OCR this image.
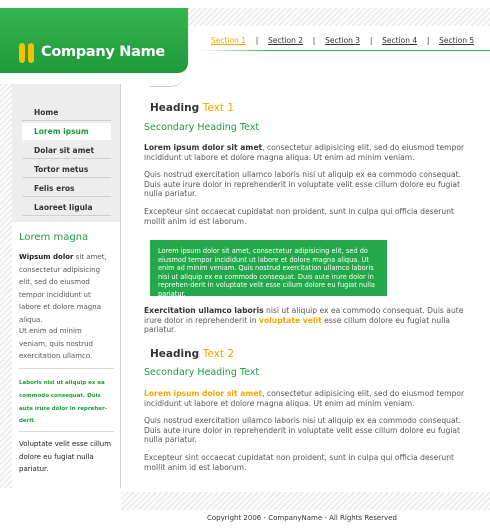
Company Name
Section 1 | Section 2 | Section 3 | Section 4 | Section 5
Home
Lorem ipsum
Dolar sit amet
Tortor metus
Felis eros
Laoreet ligula
Lorem magna
Wipsum dolor sit amet, consectetur adipisicing elit, sed do eiusmod tempor incididunt ut labore et dolore magna aliqua.
Ut enim ad minim veniam, quis nostrud exercitation ullamco.
Laboris nisi ut aliquip ex ea commodo consequat. Duis aute irure dolor in repreher-derit
Voluptate velit esse cillum dolore eu fugiat nulla pariatur.
Heading Text 1
Secondary Heading Text
Lorem ipsum dolor sit amet, consectetur adipisicing elit, sed do eiusmod tempor incididunt ut labore et dolore magna aliqua. Ut enim ad minim veniam.
Quis nostrud exercitation ullamco laboris nisi ut aliquip ex ea commodo consequat. Duis aute irure dolor in reprehenderit in voluptate velit esse cillum dolore eu fugiat nulla pariatur.
Excepteur sint occaecat cupidatat non proident, sunt in culpa qui officia deserunt mollit anim id est laborum.
Lorem ipsum dolor sit amet, consectetur adipisicing elit, sed do eiusmod tempor incididunt ut labore et dolore magna aliqua. Ut enim ad minim veniam. Quis nostrud exercitation ullamco laboris nisi ut aliquip ex ea commodo consequat. Duis aute irure dolor in reprehen-derit in voluptate velit esse cillum dolore eu fugiat nulla pariatur.
Exercitation ullamco laboris nisi ut aliquip ex ea commodo consequat. Duis aute irure dolor in reprehenderit in voluptate velit esse cillum dolore eu fugiat nulla pariatur.
Heading Text 2
Secondary Heading Text
Lorem ipsum dolor sit amet, consectetur adipisicing elit, sed do eiusmod tempor incididunt ut labore et dolore magna aliqua. Ut enim ad minim veniam.
Quis nostrud exercitation ullamco laboris nisi ut aliquip ex ea commodo consequat. Duis aute irure dolor in reprehenderit in voluptate velit esse cillum dolore eu fugiat nulla pariatur.
Excepteur sint occaecat cupidatat non proident, sunt in culpa qui officia deserunt mollit anim id est laborum.
Copyright 2006 - CompanyName - All Rights Reserved
